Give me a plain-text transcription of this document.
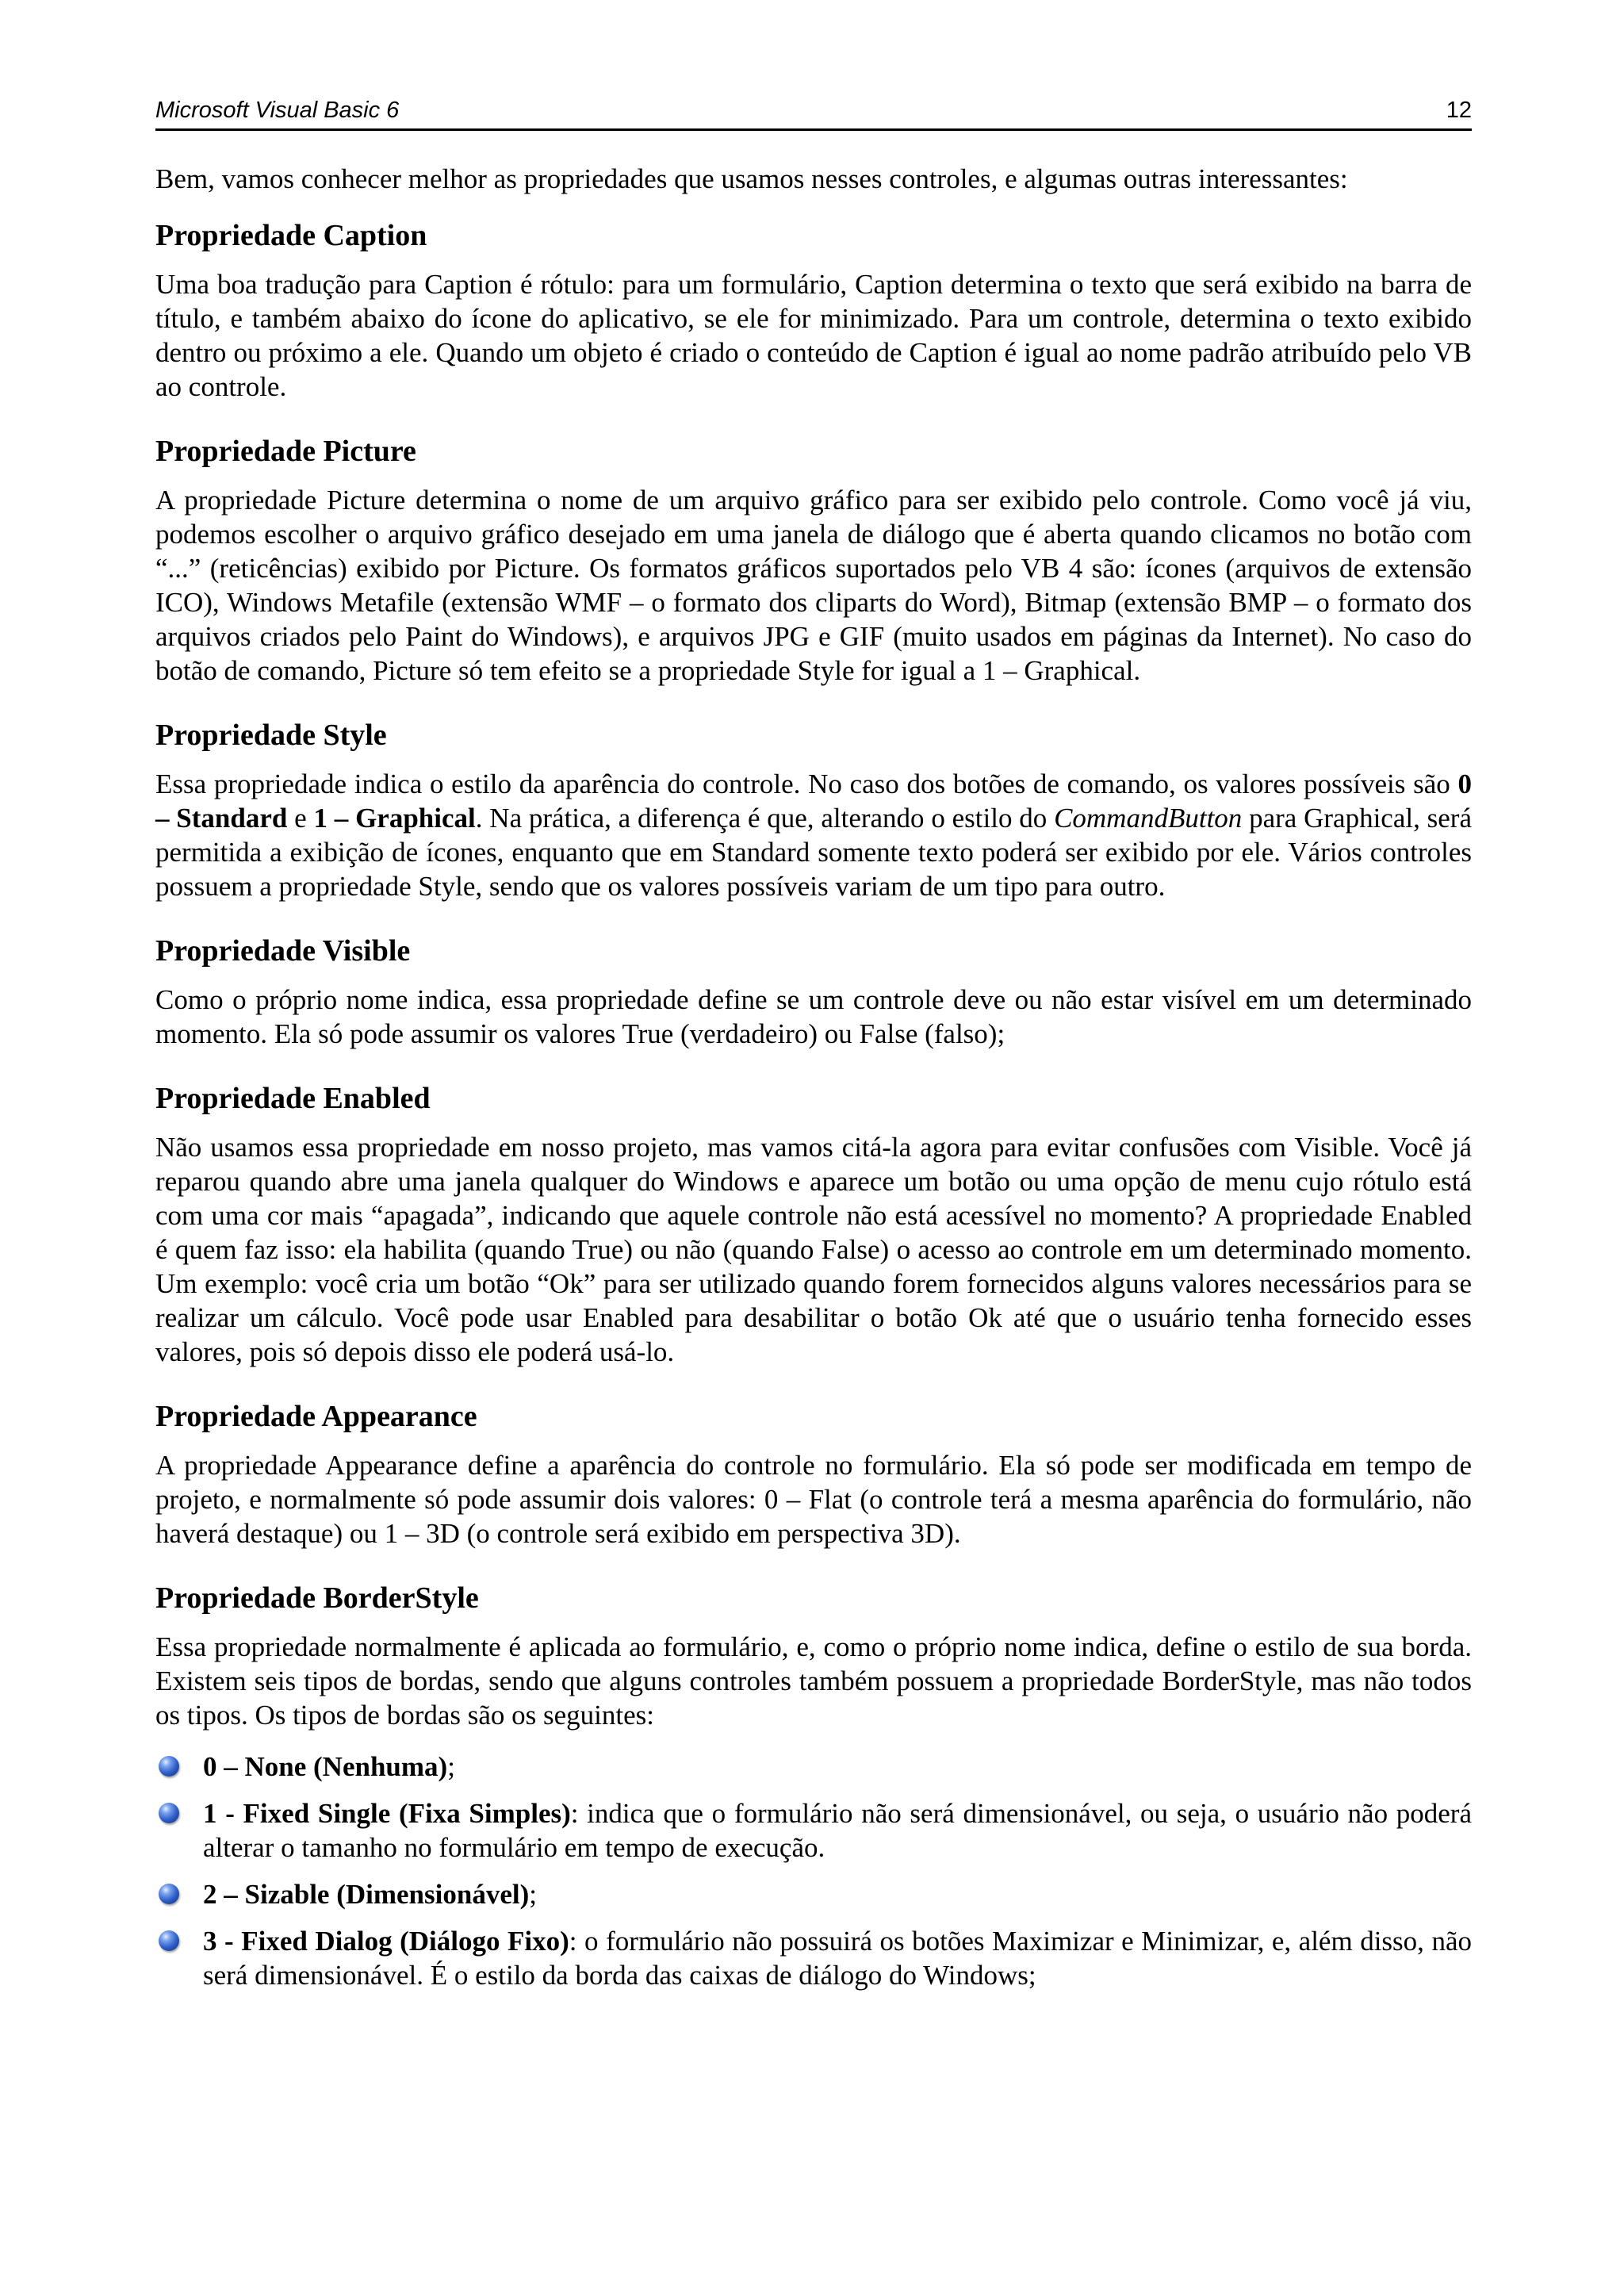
Microsoft Visual Basic 6	12

Bem, vamos conhecer melhor as propriedades que usamos nesses controles, e algumas outras interessantes:

Propriedade Caption

Uma boa tradução para Caption é rótulo: para um formulário, Caption determina o texto que será exibido na barra de título, e também abaixo do ícone do aplicativo, se ele for minimizado. Para um controle, determina o texto exibido dentro ou próximo a ele. Quando um objeto é criado o conteúdo de Caption é igual ao nome padrão atribuído pelo VB ao controle.

Propriedade Picture

A propriedade Picture determina o nome de um arquivo gráfico para ser exibido pelo controle. Como você já viu, podemos escolher o arquivo gráfico desejado em uma janela de diálogo que é aberta quando clicamos no botão com “...” (reticências) exibido por Picture. Os formatos gráficos suportados pelo VB 4 são: ícones (arquivos de extensão ICO), Windows Metafile (extensão WMF – o formato dos cliparts do Word), Bitmap (extensão BMP – o formato dos arquivos criados pelo Paint do Windows), e arquivos JPG e GIF (muito usados em páginas da Internet). No caso do botão de comando, Picture só tem efeito se a propriedade Style for igual a 1 – Graphical.

Propriedade Style

Essa propriedade indica o estilo da aparência do controle. No caso dos botões de comando, os valores possíveis são 0 – Standard e 1 – Graphical. Na prática, a diferença é que, alterando o estilo do CommandButton para Graphical, será permitida a exibição de ícones, enquanto que em Standard somente texto poderá ser exibido por ele. Vários controles possuem a propriedade Style, sendo que os valores possíveis variam de um tipo para outro.

Propriedade Visible

Como o próprio nome indica, essa propriedade define se um controle deve ou não estar visível em um determinado momento. Ela só pode assumir os valores True (verdadeiro) ou False (falso);

Propriedade Enabled

Não usamos essa propriedade em nosso projeto, mas vamos citá-la agora para evitar confusões com Visible. Você já reparou quando abre uma janela qualquer do Windows e aparece um botão ou uma opção de menu cujo rótulo está com uma cor mais “apagada”, indicando que aquele controle não está acessível no momento? A propriedade Enabled é quem faz isso: ela habilita (quando True) ou não (quando False) o acesso ao controle em um determinado momento. Um exemplo: você cria um botão “Ok” para ser utilizado quando forem fornecidos alguns valores necessários para se realizar um cálculo. Você pode usar Enabled para desabilitar o botão Ok até que o usuário tenha fornecido esses valores, pois só depois disso ele poderá usá-lo.

Propriedade Appearance

A propriedade Appearance define a aparência do controle no formulário. Ela só pode ser modificada em tempo de projeto, e normalmente só pode assumir dois valores: 0 – Flat (o controle terá a mesma aparência do formulário, não haverá destaque) ou 1 – 3D (o controle será exibido em perspectiva 3D).

Propriedade BorderStyle

Essa propriedade normalmente é aplicada ao formulário, e, como o próprio nome indica, define o estilo de sua borda. Existem seis tipos de bordas, sendo que alguns controles também possuem a propriedade BorderStyle, mas não todos os tipos. Os tipos de bordas são os seguintes:

0 – None (Nenhuma);
1 - Fixed Single (Fixa Simples): indica que o formulário não será dimensionável, ou seja, o usuário não poderá alterar o tamanho no formulário em tempo de execução.
2 – Sizable (Dimensionável);
3 - Fixed Dialog (Diálogo Fixo): o formulário não possuirá os botões Maximizar e Minimizar, e, além disso, não será dimensionável. É o estilo da borda das caixas de diálogo do Windows;
